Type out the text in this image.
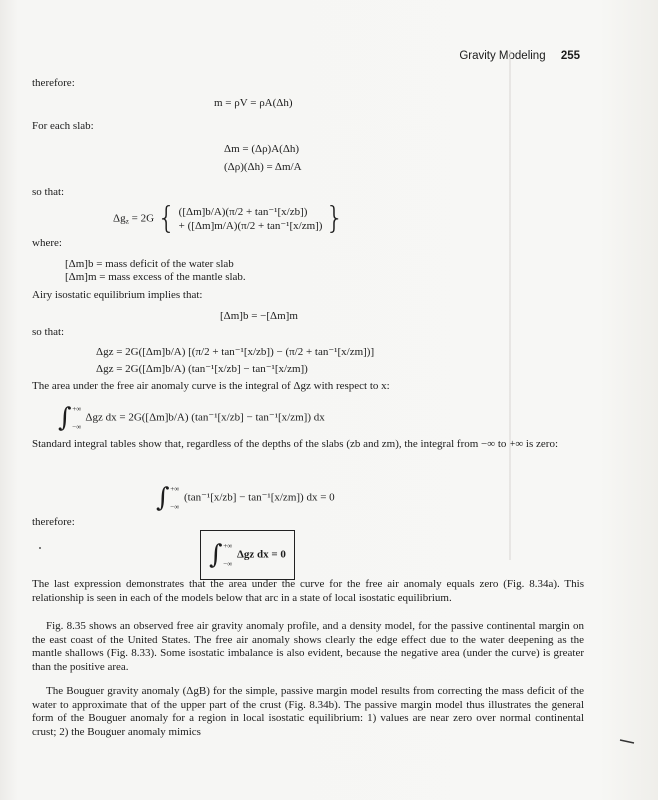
Gravity Modeling 255
therefore:
m = ρV = ρA(Δh)
For each slab:
Δm = (Δρ)A(Δh)
(Δρ)(Δh) = Δm/A
so that:
$\Delta g_z = 2G$ { ([Δm]b/A)(π/2 + tan⁻¹[x/zb])
+ ([Δm]m/A)(π/2 + tan⁻¹[x/zm]) }
where:
[Δm]b = mass deficit of the water slab
[Δm]m = mass excess of the mantle slab.
Airy isostatic equilibrium implies that:
[Δm]b = −[Δm]m
so that:
Δgz = 2G([Δm]b/A) [(π/2 + tan⁻¹[x/zb]) − (π/2 + tan⁻¹[x/zm])]
Δgz = 2G([Δm]b/A) (tan⁻¹[x/zb] − tan⁻¹[x/zm])
The area under the free air anomaly curve is the integral of Δgz with respect to x:
∫ +∞
−∞
Δgz dx = 2G([Δm]b/A) (tan⁻¹[x/zb] − tan⁻¹[x/zm]) dx
Standard integral tables show that, regardless of the depths of the slabs (zb and zm), the integral from −∞ to +∞ is zero:
∫ +∞
−∞
(tan⁻¹[x/zb] − tan⁻¹[x/zm]) dx = 0
therefore:
∫ +∞
−∞
Δgz dx = 0
The last expression demonstrates that the area under the curve for the free air anomaly equals zero (Fig. 8.34a). This relationship is seen in each of the models below that arc in a state of local isostatic equilibrium.
Fig. 8.35 shows an observed free air gravity anomaly profile, and a density model, for the passive continental margin on the east coast of the United States. The free air anomaly shows clearly the edge effect due to the water deepening as the mantle shallows (Fig. 8.33). Some isostatic imbalance is also evident, because the negative area (under the curve) is greater than the positive area.
The Bouguer gravity anomaly (ΔgB) for the simple, passive margin model results from correcting the mass deficit of the water to approximate that of the upper part of the crust (Fig. 8.34b). The passive margin model thus illustrates the general form of the Bouguer anomaly for a region in local isostatic equilibrium: 1) values are near zero over normal continental crust; 2) the Bouguer anomaly mimics
